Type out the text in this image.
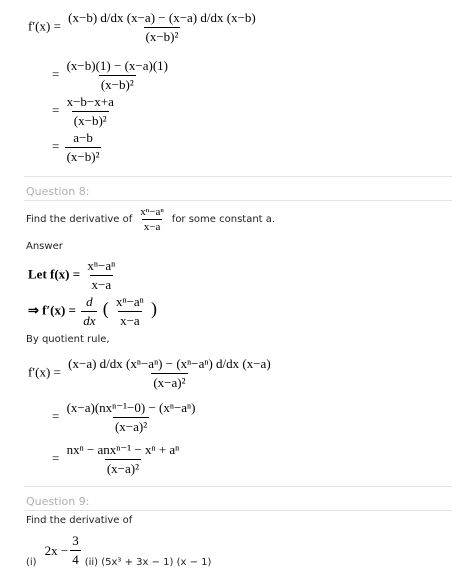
$f'(x) = \frac{(x-b) d/dx (x-a) - (x-a) d/dx (x-b)}{\text{(x−b)²}}$
= $\frac{(x-b)(1) - (x-a)(1)}{\text{(x−b)²}}$
= $\frac{x-b-x+a}{\text{(x−b)²}}$
= $\frac{a-b}{\text{(x−b)²}}$
Question 8:
Find the derivative of $\frac{\text{xⁿ−aⁿ}}{x-a}$ for some constant a.
Answer
Let $f(x) = \frac{\text{xⁿ−aⁿ}}{x-a}$
⇒ $f'(x) = \frac{d}{dx}$ ( $\frac{\text{xⁿ−aⁿ}}{x-a}$ )
By quotient rule,
$f'(x) = \frac{\text{(x−a) d/dx (xⁿ−aⁿ) − (xⁿ−aⁿ) d/dx (x−a)}}{\text{(x−a)²}}$
= $\frac{\text{(x−a)(nxⁿ⁻¹−0) − (xⁿ−aⁿ)}}{\text{(x−a)²}}$
= $\frac{\text{nxⁿ − anxⁿ⁻¹ − xⁿ + aⁿ}}{\text{(x−a)²}}$
Question 9:
Find the derivative of
(i)
$2x - \frac{3}{4} (ii) (5x^3 + 3x - 1) (x - 1)$
